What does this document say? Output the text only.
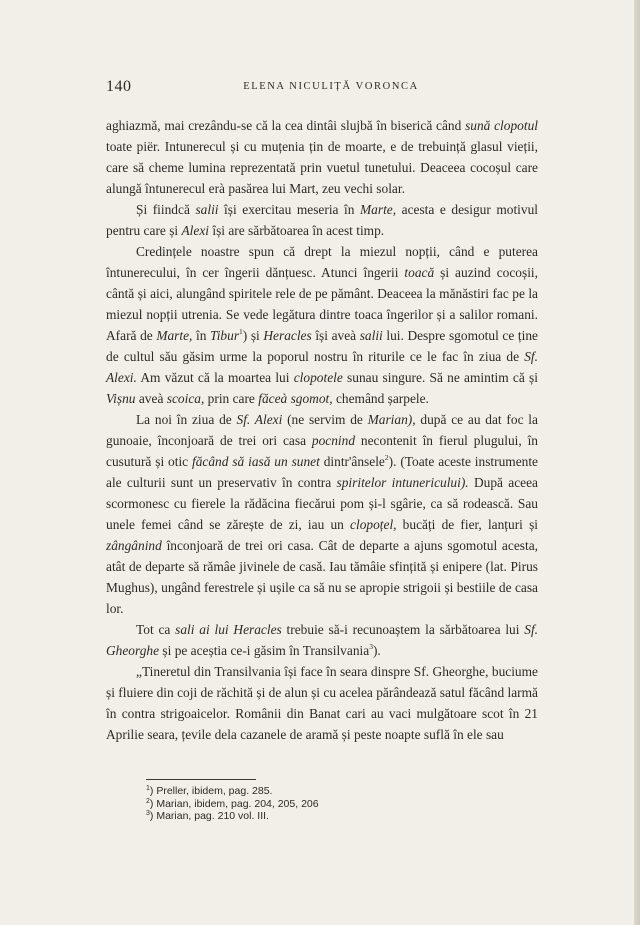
140	ELENA NICULIȚĂ VORONCA

aghiazmă, mai crezându-se că la cea dintâi slujbă în biserică când sună clopotul toate piër. Intunerecul și cu muțenia țin de moarte, e de trebuință glasul vieții, care să cheme lumina reprezentată prin vuetul tunetului. Deaceea cocoșul care alungă întunerecul erà pasărea lui Mart, zeu vechi solar.

Și fiindcă salii își exercitau meseria în Marte, acesta e desigur motivul pentru care și Alexi își are sărbătoarea în acest timp.

Credințele noastre spun că drept la miezul nopții, când e puterea întunerecului, în cer îngerii dănțuesc. Atunci îngerii toacă și auzind cocoșii, cântă și aici, alungând spiritele rele de pe pământ. Deaceea la mănăstiri fac pe la miezul nopții utrenia. Se vede legătura dintre toaca îngerilor și a salilor romani. Afară de Marte, în Tibur$^1$) și Heracles își aveà salii lui. Despre sgomotul ce ține de cultul său găsim urme la poporul nostru în riturile ce le fac în ziua de Sf. Alexi. Am văzut că la moartea lui clopotele sunau singure. Să ne amintim că și Vișnu aveà scoica, prin care făceà sgomot, chemând șarpele.

La noi în ziua de Sf. Alexi (ne servim de Marian), după ce au dat foc la gunoaie, înconjoară de trei ori casa pocnind necontenit în fierul plugului, în cusutură și otic făcând să iasă un sunet dintr'ânsele$^2$). (Toate aceste instrumente ale culturii sunt un preservativ în contra spiritelor intunericului). După aceea scormonesc cu fierele la rădăcina fiecărui pom și-l sgârie, ca să rodească. Sau unele femei când se zărește de zi, iau un clopoțel, bucăți de fier, lanțuri și zângânind înconjoară de trei ori casa. Cât de departe a ajuns sgomotul acesta, atât de departe să rămâe jivinele de casă. Iau tămâie sfințită și enipere (lat. Pirus Mughus), ungând ferestrele și ușile ca să nu se apropie strigoii și bestiile de casa lor.

Tot ca sali ai lui Heracles trebuie să-i recunoaștem la sărbătoarea lui Sf. Gheorghe și pe aceștia ce-i găsim în Transilvania$^3$).

„Tineretul din Transilvania își face în seara dinspre Sf. Gheorghe, buciume și fluiere din coji de răchită și de alun și cu acelea părândează satul făcând larmă în contra strigoaicelor. Românii din Banat cari au vaci mulgătoare scot în 21 Aprilie seara, țevile dela cazanele de aramă și peste noapte suflă în ele sau

$^1$) Preller, ibidem, pag. 285.
$^2$) Marian, ibidem, pag. 204, 205, 206
$^3$) Marian, pag. 210 vol. III.
